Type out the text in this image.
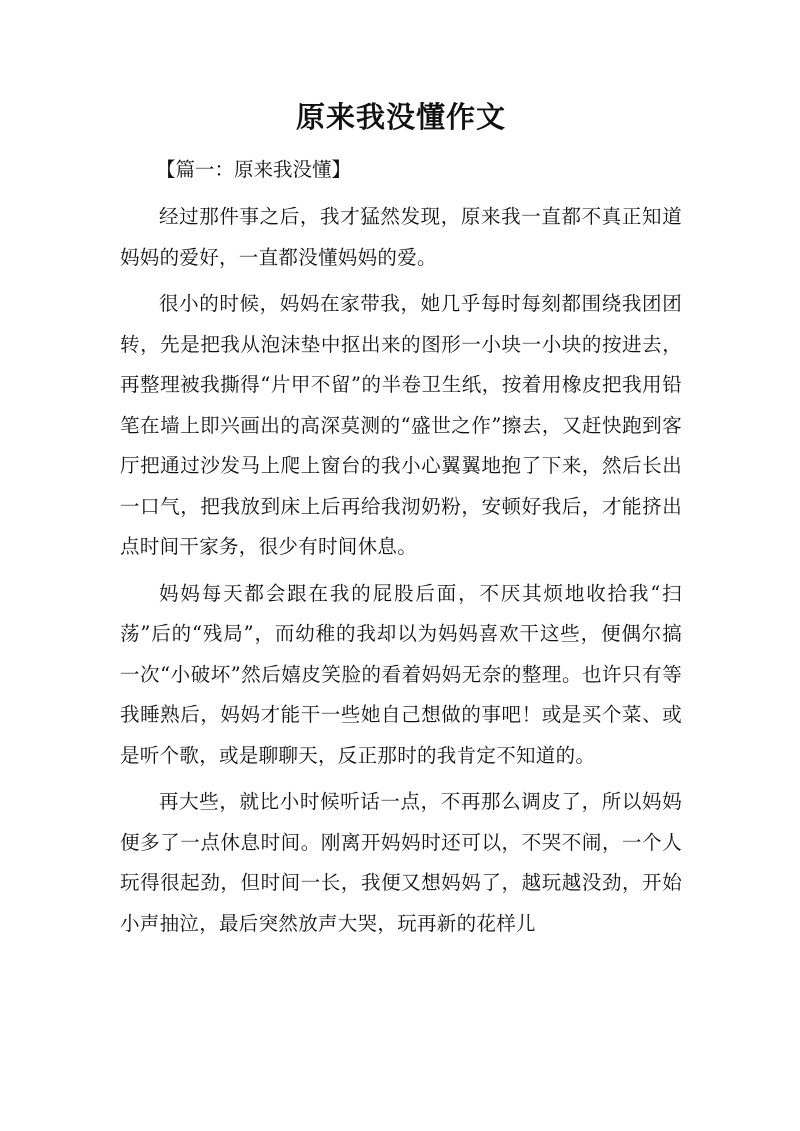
原来我没懂作文
【篇一：原来我没懂】

经过那件事之后，我才猛然发现，原来我一直都不真正知道妈妈的爱好，一直都没懂妈妈的爱。

很小的时候，妈妈在家带我，她几乎每时每刻都围绕我团团转，先是把我从泡沫垫中抠出来的图形一小块一小块的按进去，再整理被我撕得“片甲不留”的半卷卫生纸，按着用橡皮把我用铅笔在墙上即兴画出的高深莫测的“盛世之作”擦去，又赶快跑到客厅把通过沙发马上爬上窗台的我小心翼翼地抱了下来，然后长出一口气，把我放到床上后再给我沏奶粉，安顿好我后，才能挤出点时间干家务，很少有时间休息。

妈妈每天都会跟在我的屁股后面，不厌其烦地收拾我“扫荡”后的“残局”，而幼稚的我却以为妈妈喜欢干这些，便偶尔搞一次“小破坏”然后嬉皮笑脸的看着妈妈无奈的整理。也许只有等我睡熟后，妈妈才能干一些她自己想做的事吧！或是买个菜、或是听个歌，或是聊聊天，反正那时的我肯定不知道的。

再大些，就比小时候听话一点，不再那么调皮了，所以妈妈便多了一点休息时间。刚离开妈妈时还可以，不哭不闹，一个人玩得很起劲，但时间一长，我便又想妈妈了，越玩越没劲，开始小声抽泣，最后突然放声大哭，玩再新的花样儿
